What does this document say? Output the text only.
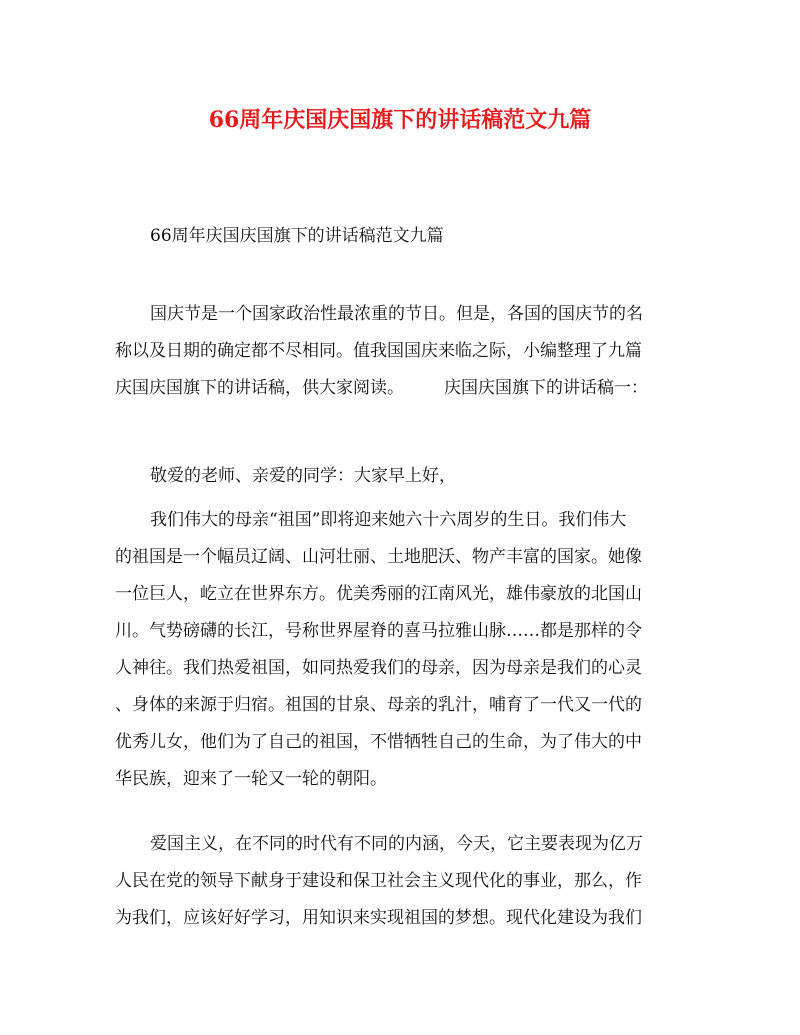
66周年庆国庆国旗下的讲话稿范文九篇
66周年庆国庆国旗下的讲话稿范文九篇
国庆节是一个国家政治性最浓重的节日。但是，各国的国庆节的名
称以及日期的确定都不尽相同。值我国国庆来临之际，小编整理了九篇
庆国庆国旗下的讲话稿，供大家阅读。 庆国庆国旗下的讲话稿一：
敬爱的老师、亲爱的同学：大家早上好，
我们伟大的母亲“祖国”即将迎来她六十六周岁的生日。我们伟大
的祖国是一个幅员辽阔、山河壮丽、土地肥沃、物产丰富的国家。她像
一位巨人，屹立在世界东方。优美秀丽的江南风光，雄伟豪放的北国山
川。气势磅礴的长江，号称世界屋脊的喜马拉雅山脉……都是那样的令
人神往。我们热爱祖国，如同热爱我们的母亲，因为母亲是我们的心灵
、身体的来源于归宿。祖国的甘泉、母亲的乳汁，哺育了一代又一代的
优秀儿女，他们为了自己的祖国，不惜牺牲自己的生命，为了伟大的中
华民族，迎来了一轮又一轮的朝阳。
爱国主义，在不同的时代有不同的内涵，今天，它主要表现为亿万
人民在党的领导下献身于建设和保卫社会主义现代化的事业，那么，作
为我们，应该好好学习，用知识来实现祖国的梦想。现代化建设为我们
